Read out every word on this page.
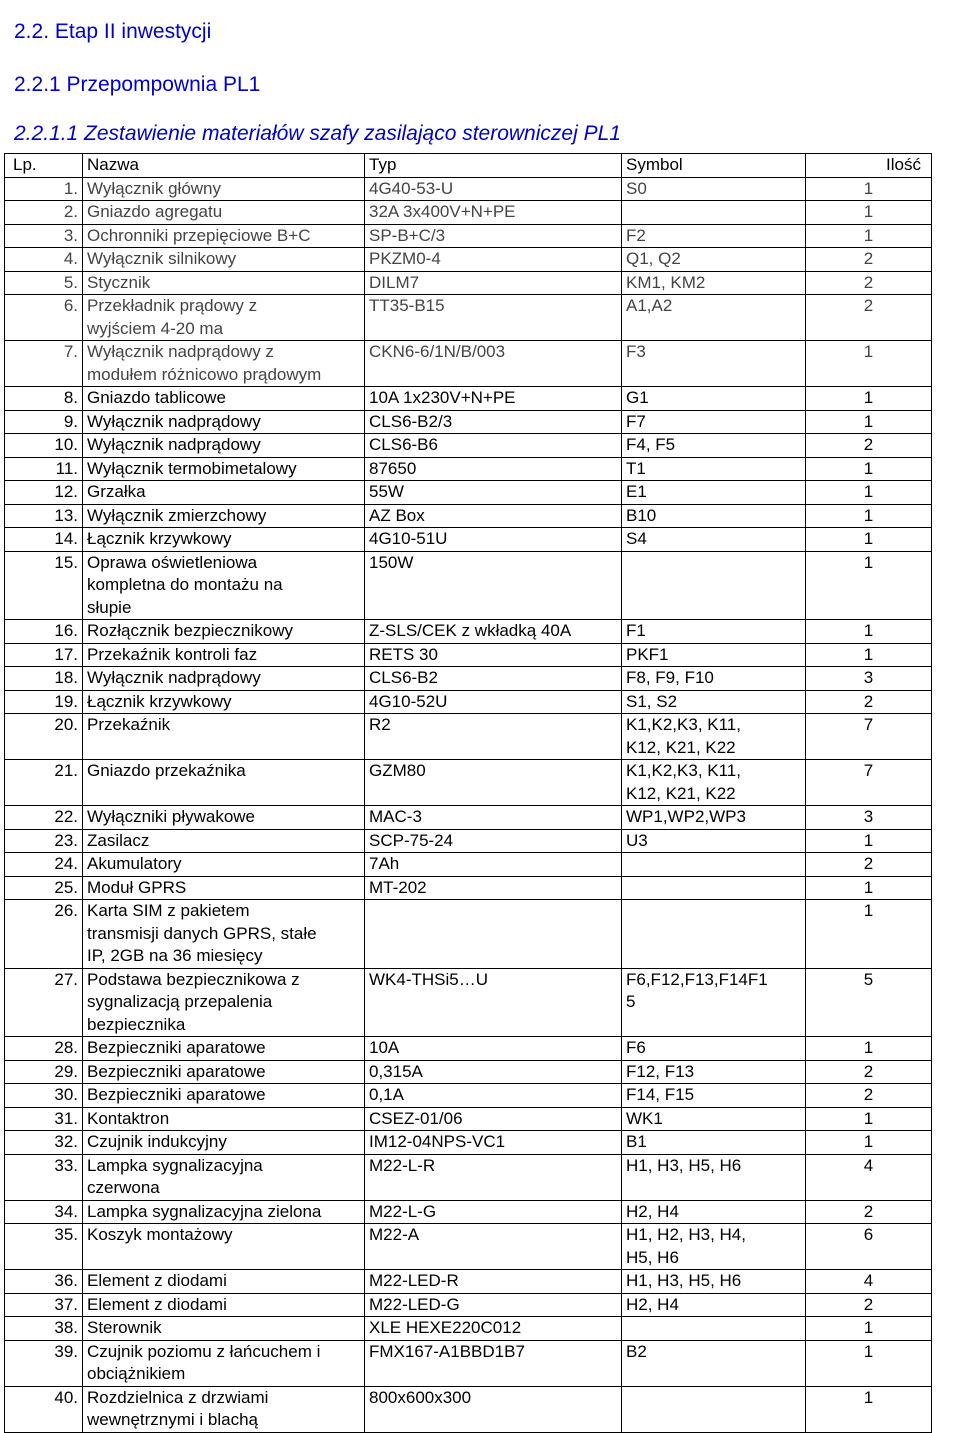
2.2. Etap II inwestycji
2.2.1 Przepompownia PL1
2.2.1.1 Zestawienie materiałów szafy zasilająco sterowniczej PL1
Lp.	Nazwa	Typ	Symbol	Ilość
1.	Wyłącznik główny	4G40-53-U	S0	1
2.	Gniazdo agregatu	32A 3x400V+N+PE		1
3.	Ochronniki przepięciowe B+C	SP-B+C/3	F2	1
4.	Wyłącznik silnikowy	PKZM0-4	Q1, Q2	2
5.	Stycznik	DILM7	KM1, KM2	2
6.	Przekładnik prądowy z
wyjściem 4-20 ma	TT35-B15	A1,A2	2
7.	Wyłącznik nadprądowy z
modułem różnicowo prądowym	CKN6-6/1N/B/003	F3	1
8.	Gniazdo tablicowe	10A 1x230V+N+PE	G1	1
9.	Wyłącznik nadprądowy	CLS6-B2/3	F7	1
10.	Wyłącznik nadprądowy	CLS6-B6	F4, F5	2
11.	Wyłącznik termobimetalowy	87650	T1	1
12.	Grzałka	55W	E1	1
13.	Wyłącznik zmierzchowy	AZ Box	B10	1
14.	Łącznik krzywkowy	4G10-51U	S4	1
15.	Oprawa oświetleniowa
kompletna do montażu na
słupie	150W		1
16.	Rozłącznik bezpiecznikowy	Z-SLS/CEK z wkładką 40A	F1	1
17.	Przekaźnik kontroli faz	RETS 30	PKF1	1
18.	Wyłącznik nadprądowy	CLS6-B2	F8, F9, F10	3
19.	Łącznik krzywkowy	4G10-52U	S1, S2	2
20.	Przekaźnik	R2	K1,K2,K3, K11,
K12, K21, K22	7
21.	Gniazdo przekaźnika	GZM80	K1,K2,K3, K11,
K12, K21, K22	7
22.	Wyłączniki pływakowe	MAC-3	WP1,WP2,WP3	3
23.	Zasilacz	SCP-75-24	U3	1
24.	Akumulatory	7Ah		2
25.	Moduł GPRS	MT-202		1
26.	Karta SIM z pakietem
transmisji danych GPRS, stałe
IP, 2GB na 36 miesięcy			1
27.	Podstawa bezpiecznikowa z
sygnalizacją przepalenia
bezpiecznika	WK4-THSi5…U	F6,F12,F13,F14F1
5	5
28.	Bezpieczniki aparatowe	10A	F6	1
29.	Bezpieczniki aparatowe	0,315A	F12, F13	2
30.	Bezpieczniki aparatowe	0,1A	F14, F15	2
31.	Kontaktron	CSEZ-01/06	WK1	1
32.	Czujnik indukcyjny	IM12-04NPS-VC1	B1	1
33.	Lampka sygnalizacyjna
czerwona	M22-L-R	H1, H3, H5, H6	4
34.	Lampka sygnalizacyjna zielona	M22-L-G	H2, H4	2
35.	Koszyk montażowy	M22-A	H1, H2, H3, H4,
H5, H6	6
36.	Element z diodami	M22-LED-R	H1, H3, H5, H6	4
37.	Element z diodami	M22-LED-G	H2, H4	2
38.	Sterownik	XLE HEXE220C012		1
39.	Czujnik poziomu z łańcuchem i
obciążnikiem	FMX167-A1BBD1B7	B2	1
40.	Rozdzielnica z drzwiami
wewnętrznymi i blachą	800x600x300		1
